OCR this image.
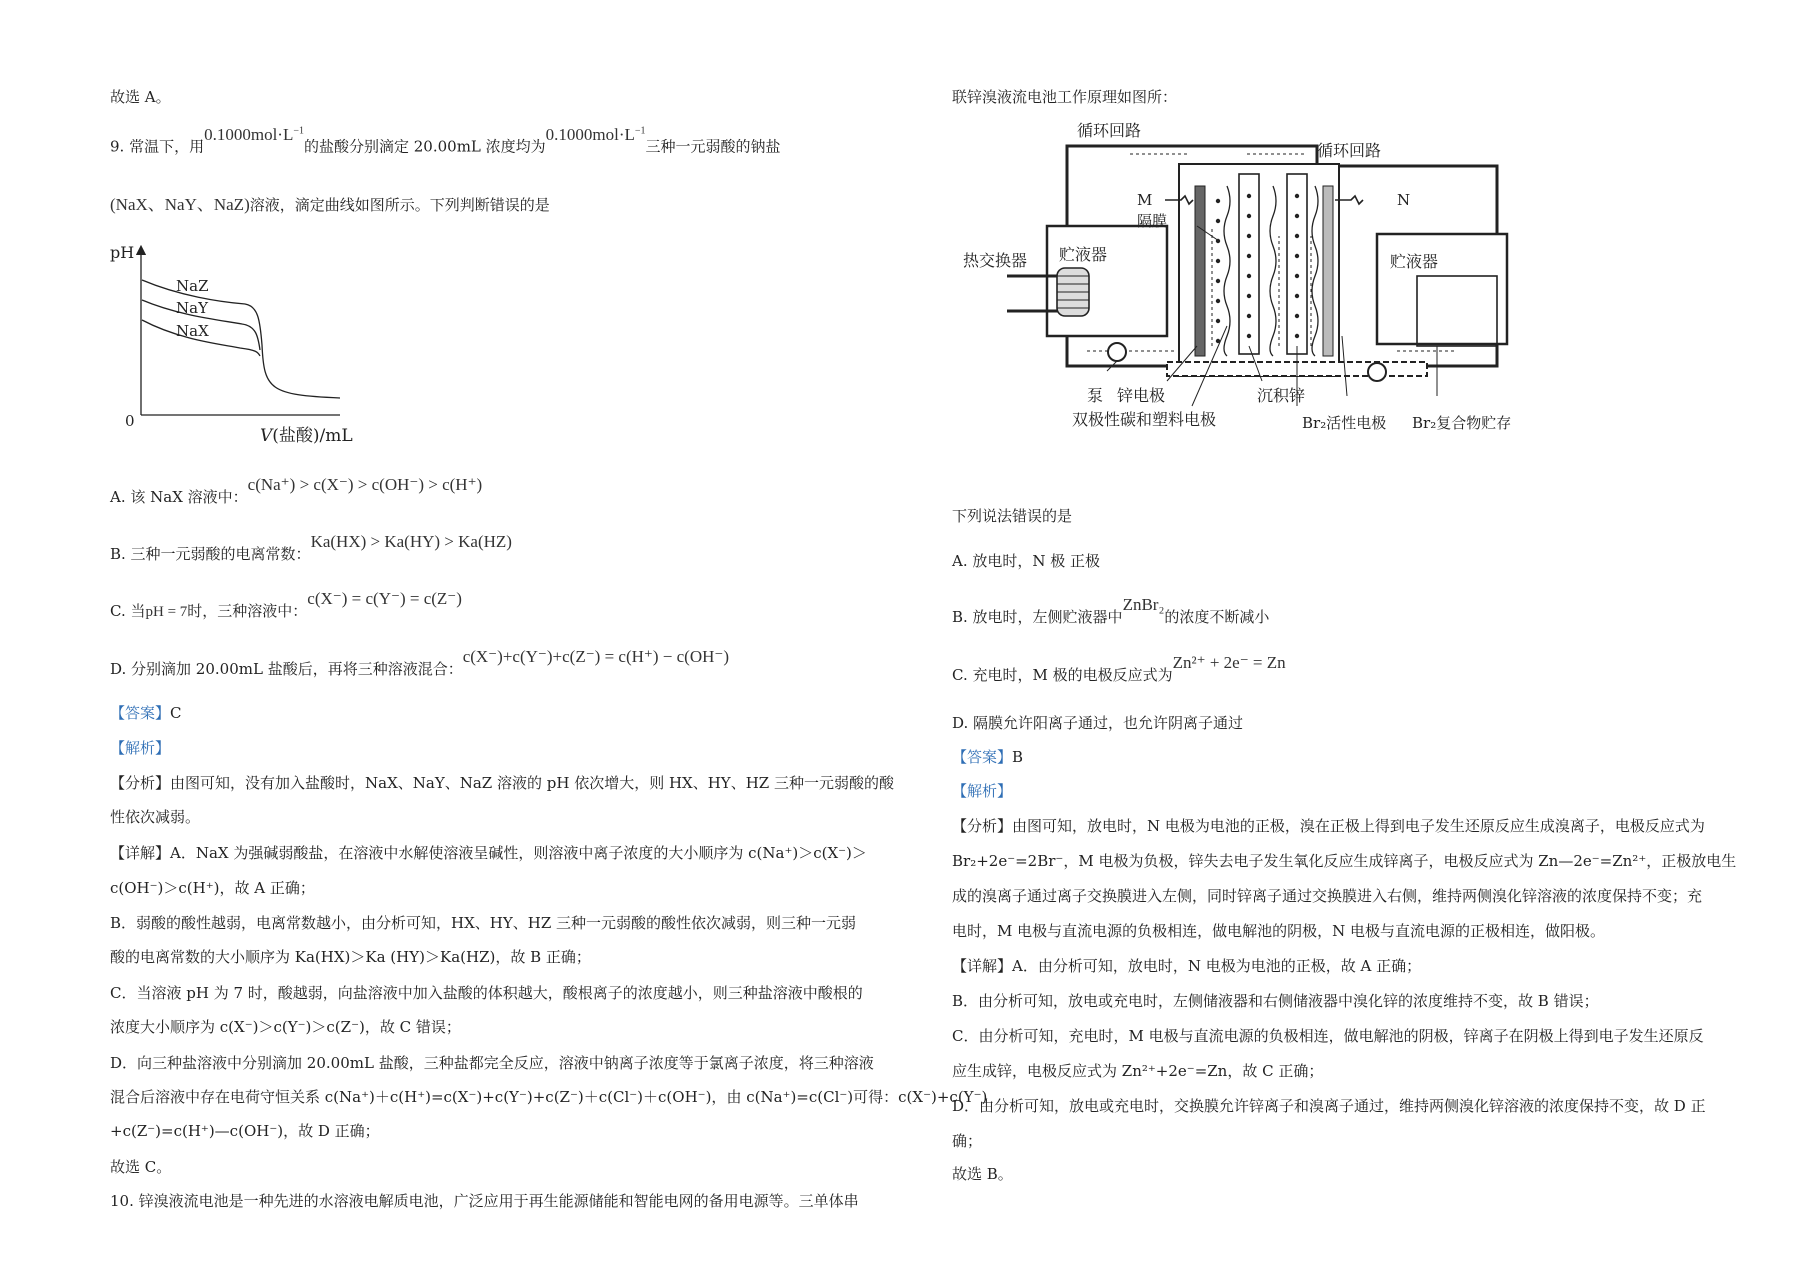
故选 A。
9. 常温下，用$0.1000mol\cdot L^{-1}$的盐酸分别滴定 20.00mL 浓度均为$0.1000mol\cdot L^{-1}$三种一元弱酸的钠盐
(NaX、NaY、NaZ)溶液，滴定曲线如图所示。下列判断错误的是
pH
0
NaZ
NaY
NaX
V(盐酸)/mL
A. 该 NaX 溶液中：c(Na⁺) > c(X⁻) > c(OH⁻) > c(H⁺)
B. 三种一元弱酸的电离常数：Ka(HX) > Ka(HY) > Ka(HZ)
C. 当pH = 7时，三种溶液中：c(X⁻) = c(Y⁻) = c(Z⁻)
D. 分别滴加 20.00mL 盐酸后，再将三种溶液混合：c(X⁻)+c(Y⁻)+c(Z⁻) = c(H⁺) − c(OH⁻)
【答案】C
【解析】
【分析】由图可知，没有加入盐酸时，NaX、NaY、NaZ 溶液的 pH 依次增大，则 HX、HY、HZ 三种一元弱酸的酸
性依次减弱。
【详解】A．NaX 为强碱弱酸盐，在溶液中水解使溶液呈碱性，则溶液中离子浓度的大小顺序为 c(Na⁺)＞c(X⁻)＞
c(OH⁻)＞c(H⁺)，故 A 正确；
B．弱酸的酸性越弱，电离常数越小，由分析可知，HX、HY、HZ 三种一元弱酸的酸性依次减弱，则三种一元弱
酸的电离常数的大小顺序为 Ka(HX)＞Ka (HY)＞Ka(HZ)，故 B 正确；
C．当溶液 pH 为 7 时，酸越弱，向盐溶液中加入盐酸的体积越大，酸根离子的浓度越小，则三种盐溶液中酸根的
浓度大小顺序为 c(X⁻)＞c(Y⁻)＞c(Z⁻)，故 C 错误；
D．向三种盐溶液中分别滴加 20.00mL 盐酸，三种盐都完全反应，溶液中钠离子浓度等于氯离子浓度，将三种溶液
混合后溶液中存在电荷守恒关系 c(Na⁺)＋c(H⁺)=c(X⁻)+c(Y⁻)+c(Z⁻)＋c(Cl⁻)＋c(OH⁻)，由 c(Na⁺)=c(Cl⁻)可得：c(X⁻)+c(Y⁻)
+c(Z⁻)=c(H⁺)—c(OH⁻)，故 D 正确；
故选 C。
10. 锌溴液流电池是一种先进的水溶液电解质电池，广泛应用于再生能源储能和智能电网的备用电源等。三单体串
联锌溴液流电池工作原理如图所：
循环回路
循环回路
M	N
隔膜
热交换器 贮液器	贮液器
泵 锌电极	沉积锌
双极性碳和塑料电极	Br₂活性电极 Br₂复合物贮存
下列说法错误的是
A. 放电时，N 极 正极
B. 放电时，左侧贮液器中ZnBr₂的浓度不断减小
C. 充电时，M 极的电极反应式为Zn²⁺ + 2e⁻ = Zn
D. 隔膜允许阳离子通过，也允许阴离子通过
【答案】B
【解析】
【分析】由图可知，放电时，N 电极为电池的正极，溴在正极上得到电子发生还原反应生成溴离子，电极反应式为
Br₂+2e⁻=2Br⁻，M 电极为负极，锌失去电子发生氧化反应生成锌离子，电极反应式为 Zn—2e⁻=Zn²⁺，正极放电生
成的溴离子通过离子交换膜进入左侧，同时锌离子通过交换膜进入右侧，维持两侧溴化锌溶液的浓度保持不变；充
电时，M 电极与直流电源的负极相连，做电解池的阴极，N 电极与直流电源的正极相连，做阳极。
【详解】A．由分析可知，放电时，N 电极为电池的正极，故 A 正确；
B．由分析可知，放电或充电时，左侧储液器和右侧储液器中溴化锌的浓度维持不变，故 B 错误；
C．由分析可知，充电时，M 电极与直流电源的负极相连，做电解池的阴极，锌离子在阴极上得到电子发生还原反
应生成锌，电极反应式为 Zn²⁺+2e⁻=Zn，故 C 正确；
D．由分析可知，放电或充电时，交换膜允许锌离子和溴离子通过，维持两侧溴化锌溶液的浓度保持不变，故 D 正
确；
故选 B。
